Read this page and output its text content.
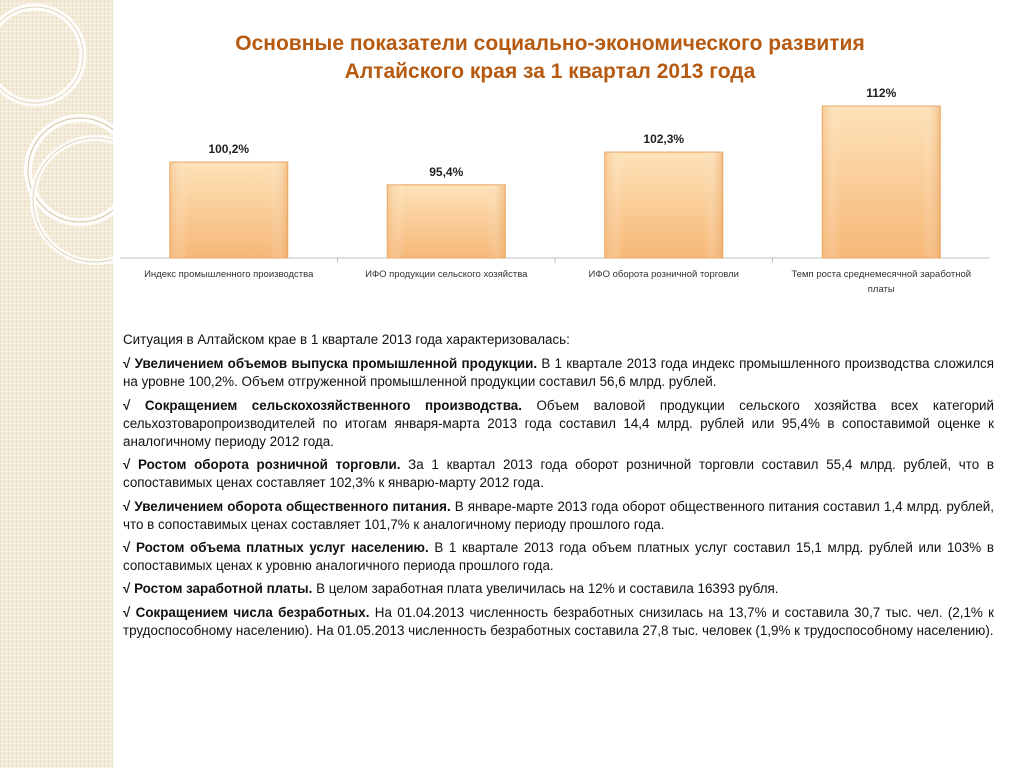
Основные показатели социально-экономического развития
Алтайского края за 1 квартал 2013 года
100,2%
Индекс промышленного производства
95,4%
ИФО продукции сельского хозяйства
102,3%
ИФО оборота розничной торговли
112%
Темп роста среднемесячной заработной
платы

Ситуация в Алтайском крае в 1 квартале 2013 года характеризовалась:

√ Увеличением объемов выпуска промышленной продукции. В 1 квартале 2013 года индекс промышленного производства сложился на уровне 100,2%. Объем отгруженной промышленной продукции составил 56,6 млрд. рублей.

√ Сокращением сельскохозяйственного производства. Объем валовой продукции сельского хозяйства всех категорий сельхозтоваропроизводителей по итогам января-марта 2013 года составил 14,4 млрд. рублей или 95,4% в сопоставимой оценке к аналогичному периоду 2012 года.

√ Ростом оборота розничной торговли. За 1 квартал 2013 года оборот розничной торговли составил 55,4 млрд. рублей, что в сопоставимых ценах составляет 102,3% к январю-марту 2012 года.

√ Увеличением оборота общественного питания. В январе-марте 2013 года оборот общественного питания составил 1,4 млрд. рублей, что в сопоставимых ценах составляет 101,7% к аналогичному периоду прошлого года.

√ Ростом объема платных услуг населению. В 1 квартале 2013 года объем платных услуг составил 15,1 млрд. рублей или 103% в сопоставимых ценах к уровню аналогичного периода прошлого года.

√ Ростом заработной платы. В целом заработная плата увеличилась на 12% и составила 16393 рубля.

√ Сокращением числа безработных. На 01.04.2013 численность безработных снизилась на 13,7% и составила 30,7 тыс. чел. (2,1% к трудоспособному населению). На 01.05.2013 численность безработных составила 27,8 тыс. человек (1,9% к трудоспособному населению).
